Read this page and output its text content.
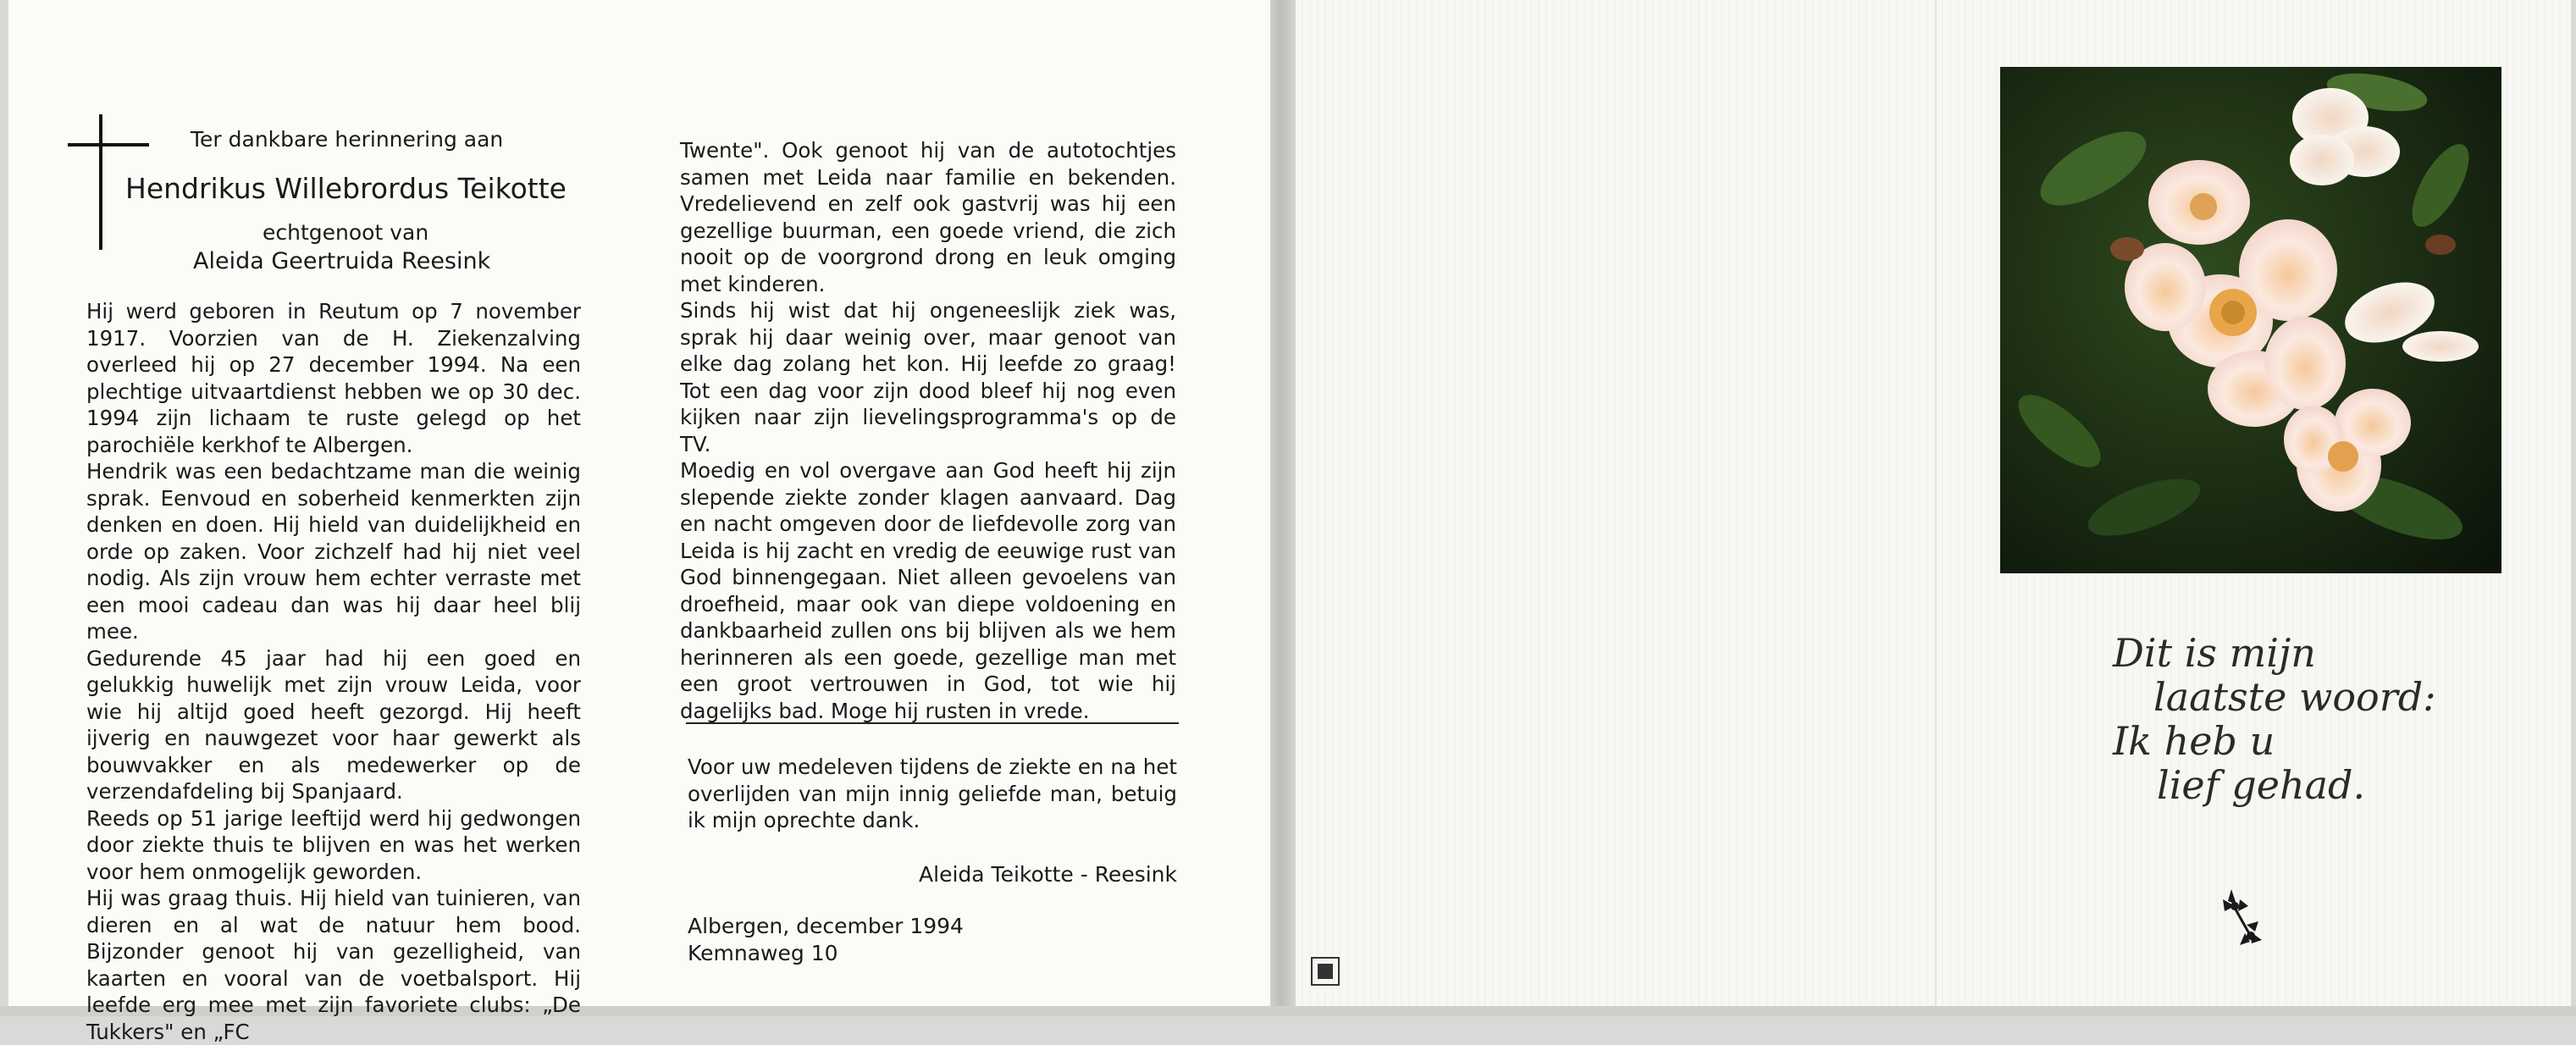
Ter dankbare herinnering aan
Hendrikus Willebrordus Teikotte
echtgenoot van
Aleida Geertruida Reesink

Hij werd geboren in Reutum op 7 november 1917. Voorzien van de H. Ziekenzalving overleed hij op 27 december 1994. Na een plechtige uitvaartdienst hebben we op 30 dec. 1994 zijn lichaam te ruste gelegd op het parochiële kerkhof te Albergen.

Hendrik was een bedachtzame man die weinig sprak. Eenvoud en soberheid kenmerkten zijn denken en doen. Hij hield van duidelijkheid en orde op zaken. Voor zichzelf had hij niet veel nodig. Als zijn vrouw hem echter verraste met een mooi cadeau dan was hij daar heel blij mee.

Gedurende 45 jaar had hij een goed en gelukkig huwelijk met zijn vrouw Leida, voor wie hij altijd goed heeft gezorgd. Hij heeft ijverig en nauwgezet voor haar gewerkt als bouwvakker en als medewerker op de verzendafdeling bij Spanjaard.

Reeds op 51 jarige leeftijd werd hij gedwongen door ziekte thuis te blijven en was het werken voor hem onmogelijk geworden.

Hij was graag thuis. Hij hield van tuinieren, van dieren en al wat de natuur hem bood. Bijzonder genoot hij van gezelligheid, van kaarten en vooral van de voetbalsport. Hij leefde erg mee met zijn favoriete clubs: „De Tukkers" en „FC

Twente". Ook genoot hij van de autotochtjes samen met Leida naar familie en bekenden. Vredelievend en zelf ook gastvrij was hij een gezellige buurman, een goede vriend, die zich nooit op de voorgrond drong en leuk omging met kinderen.

Sinds hij wist dat hij ongeneeslijk ziek was, sprak hij daar weinig over, maar genoot van elke dag zolang het kon. Hij leefde zo graag! Tot een dag voor zijn dood bleef hij nog even kijken naar zijn lievelingsprogramma's op de TV.

Moedig en vol overgave aan God heeft hij zijn slepende ziekte zonder klagen aanvaard. Dag en nacht omgeven door de liefdevolle zorg van Leida is hij zacht en vredig de eeuwige rust van God binnengegaan. Niet alleen gevoelens van droefheid, maar ook van diepe voldoening en dankbaarheid zullen ons bij blijven als we hem herinneren als een goede, gezellige man met een groot vertrouwen in God, tot wie hij dagelijks bad. Moge hij rusten in vrede.

Voor uw medeleven tijdens de ziekte en na het overlijden van mijn innig geliefde man, betuig ik mijn oprechte dank.
Aleida Teikotte - Reesink
Albergen, december 1994
Kemnaweg 10
Dit is mijn
laatste woord:
Ik heb u
lief gehad.
